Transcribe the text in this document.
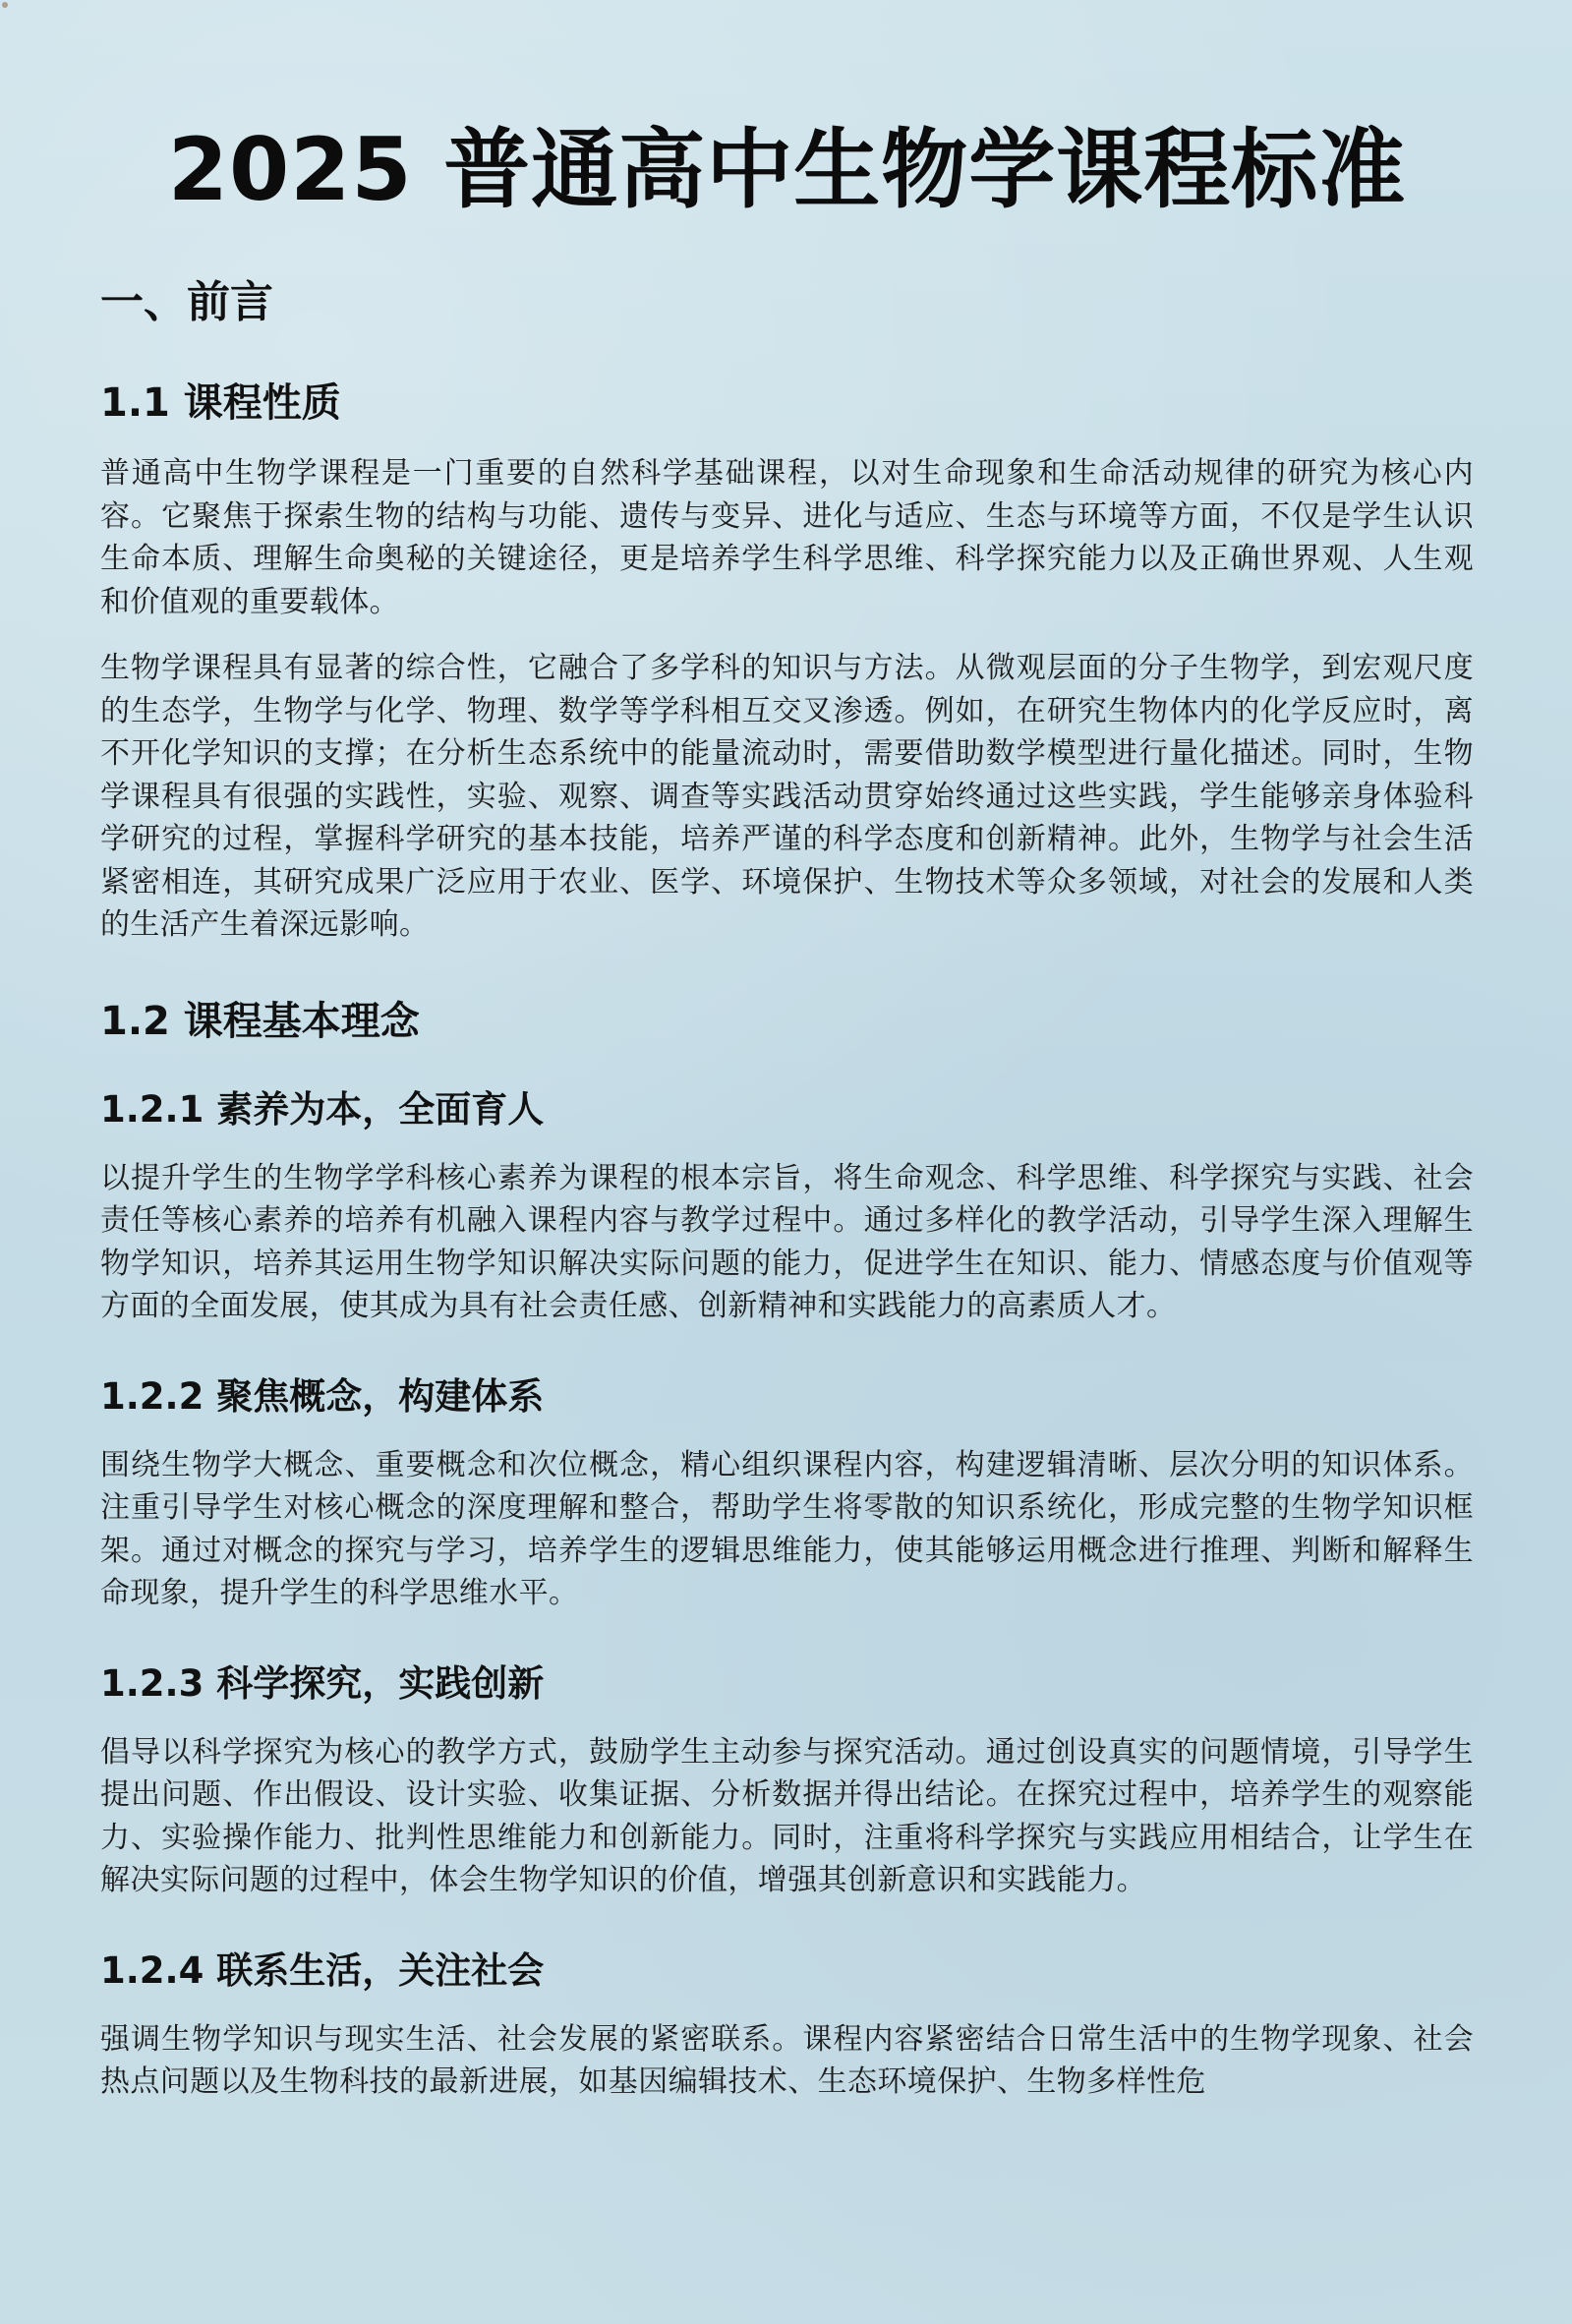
2025 普通高中生物学课程标准
一、前言
1.1 课程性质

普通高中生物学课程是一门重要的自然科学基础课程，以对生命现象和生命活动规律的研究为核心内容。它聚焦于探索生物的结构与功能、遗传与变异、进化与适应、生态与环境等方面，不仅是学生认识生命本质、理解生命奥秘的关键途径，更是培养学生科学思维、科学探究能力以及正确世界观、人生观和价值观的重要载体。

生物学课程具有显著的综合性，它融合了多学科的知识与方法。从微观层面的分子生物学，到宏观尺度的生态学，生物学与化学、物理、数学等学科相互交叉渗透。例如，在研究生物体内的化学反应时，离不开化学知识的支撑；在分析生态系统中的能量流动时，需要借助数学模型进行量化描述。同时，生物学课程具有很强的实践性，实验、观察、调查等实践活动贯穿始终通过这些实践，学生能够亲身体验科学研究的过程，掌握科学研究的基本技能，培养严谨的科学态度和创新精神。此外，生物学与社会生活紧密相连，其研究成果广泛应用于农业、医学、环境保护、生物技术等众多领域，对社会的发展和人类的生活产生着深远影响。

1.2 课程基本理念
1.2.1 素养为本，全面育人

以提升学生的生物学学科核心素养为课程的根本宗旨，将生命观念、科学思维、科学探究与实践、社会责任等核心素养的培养有机融入课程内容与教学过程中。通过多样化的教学活动，引导学生深入理解生物学知识，培养其运用生物学知识解决实际问题的能力，促进学生在知识、能力、情感态度与价值观等方面的全面发展，使其成为具有社会责任感、创新精神和实践能力的高素质人才。

1.2.2 聚焦概念，构建体系

围绕生物学大概念、重要概念和次位概念，精心组织课程内容，构建逻辑清晰、层次分明的知识体系。注重引导学生对核心概念的深度理解和整合，帮助学生将零散的知识系统化，形成完整的生物学知识框架。通过对概念的探究与学习，培养学生的逻辑思维能力，使其能够运用概念进行推理、判断和解释生命现象，提升学生的科学思维水平。

1.2.3 科学探究，实践创新

倡导以科学探究为核心的教学方式，鼓励学生主动参与探究活动。通过创设真实的问题情境，引导学生提出问题、作出假设、设计实验、收集证据、分析数据并得出结论。在探究过程中，培养学生的观察能力、实验操作能力、批判性思维能力和创新能力。同时，注重将科学探究与实践应用相结合，让学生在解决实际问题的过程中，体会生物学知识的价值，增强其创新意识和实践能力。

1.2.4 联系生活，关注社会

强调生物学知识与现实生活、社会发展的紧密联系。课程内容紧密结合日常生活中的生物学现象、社会热点问题以及生物科技的最新进展，如基因编辑技术、生态环境保护、生物多样性危
